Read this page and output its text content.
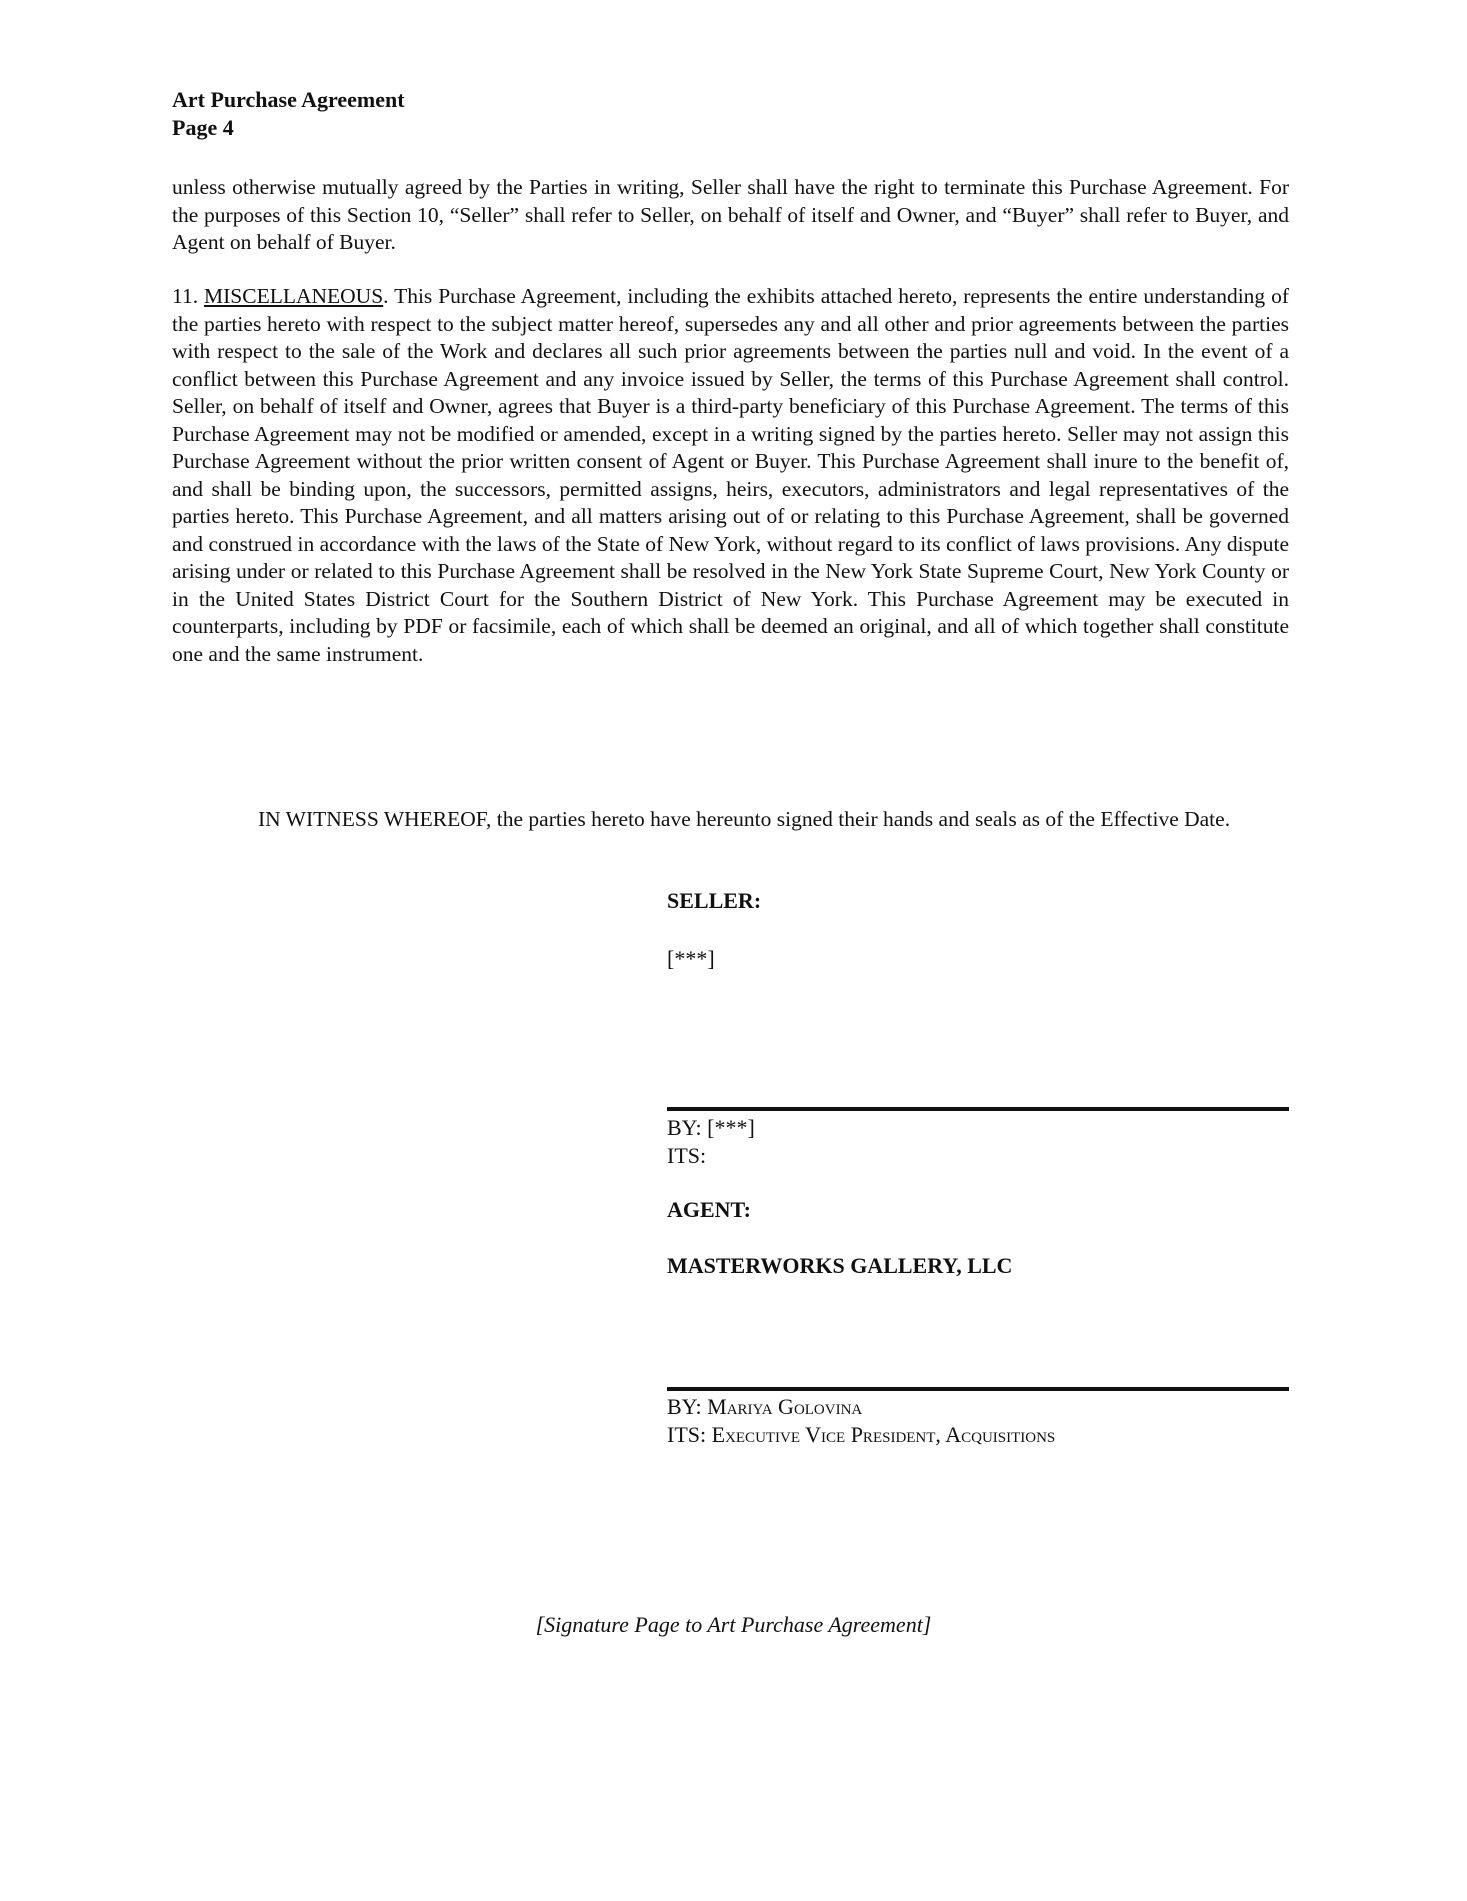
Art Purchase Agreement
Page 4

unless otherwise mutually agreed by the Parties in writing, Seller shall have the right to terminate this Purchase Agreement. For the purposes of this Section 10, “Seller” shall refer to Seller, on behalf of itself and Owner, and “Buyer” shall refer to Buyer, and Agent on behalf of Buyer.

11. MISCELLANEOUS. This Purchase Agreement, including the exhibits attached hereto, represents the entire understanding of the parties hereto with respect to the subject matter hereof, supersedes any and all other and prior agreements between the parties with respect to the sale of the Work and declares all such prior agreements between the parties null and void. In the event of a conflict between this Purchase Agreement and any invoice issued by Seller, the terms of this Purchase Agreement shall control. Seller, on behalf of itself and Owner, agrees that Buyer is a third-party beneficiary of this Purchase Agreement. The terms of this Purchase Agreement may not be modified or amended, except in a writing signed by the parties hereto. Seller may not assign this Purchase Agreement without the prior written consent of Agent or Buyer. This Purchase Agreement shall inure to the benefit of, and shall be binding upon, the successors, permitted assigns, heirs, executors, administrators and legal representatives of the parties hereto. This Purchase Agreement, and all matters arising out of or relating to this Purchase Agreement, shall be governed and construed in accordance with the laws of the State of New York, without regard to its conflict of laws provisions. Any dispute arising under or related to this Purchase Agreement shall be resolved in the New York State Supreme Court, New York County or in the United States District Court for the Southern District of New York. This Purchase Agreement may be executed in counterparts, including by PDF or facsimile, each of which shall be deemed an original, and all of which together shall constitute one and the same instrument.

IN WITNESS WHEREOF, the parties hereto have hereunto signed their hands and seals as of the Effective Date.

SELLER:
[***]
BY: [***]
ITS:
AGENT:
MASTERWORKS GALLERY, LLC
BY: Mariya Golovina
ITS: Executive Vice President, Acquisitions
[Signature Page to Art Purchase Agreement]
